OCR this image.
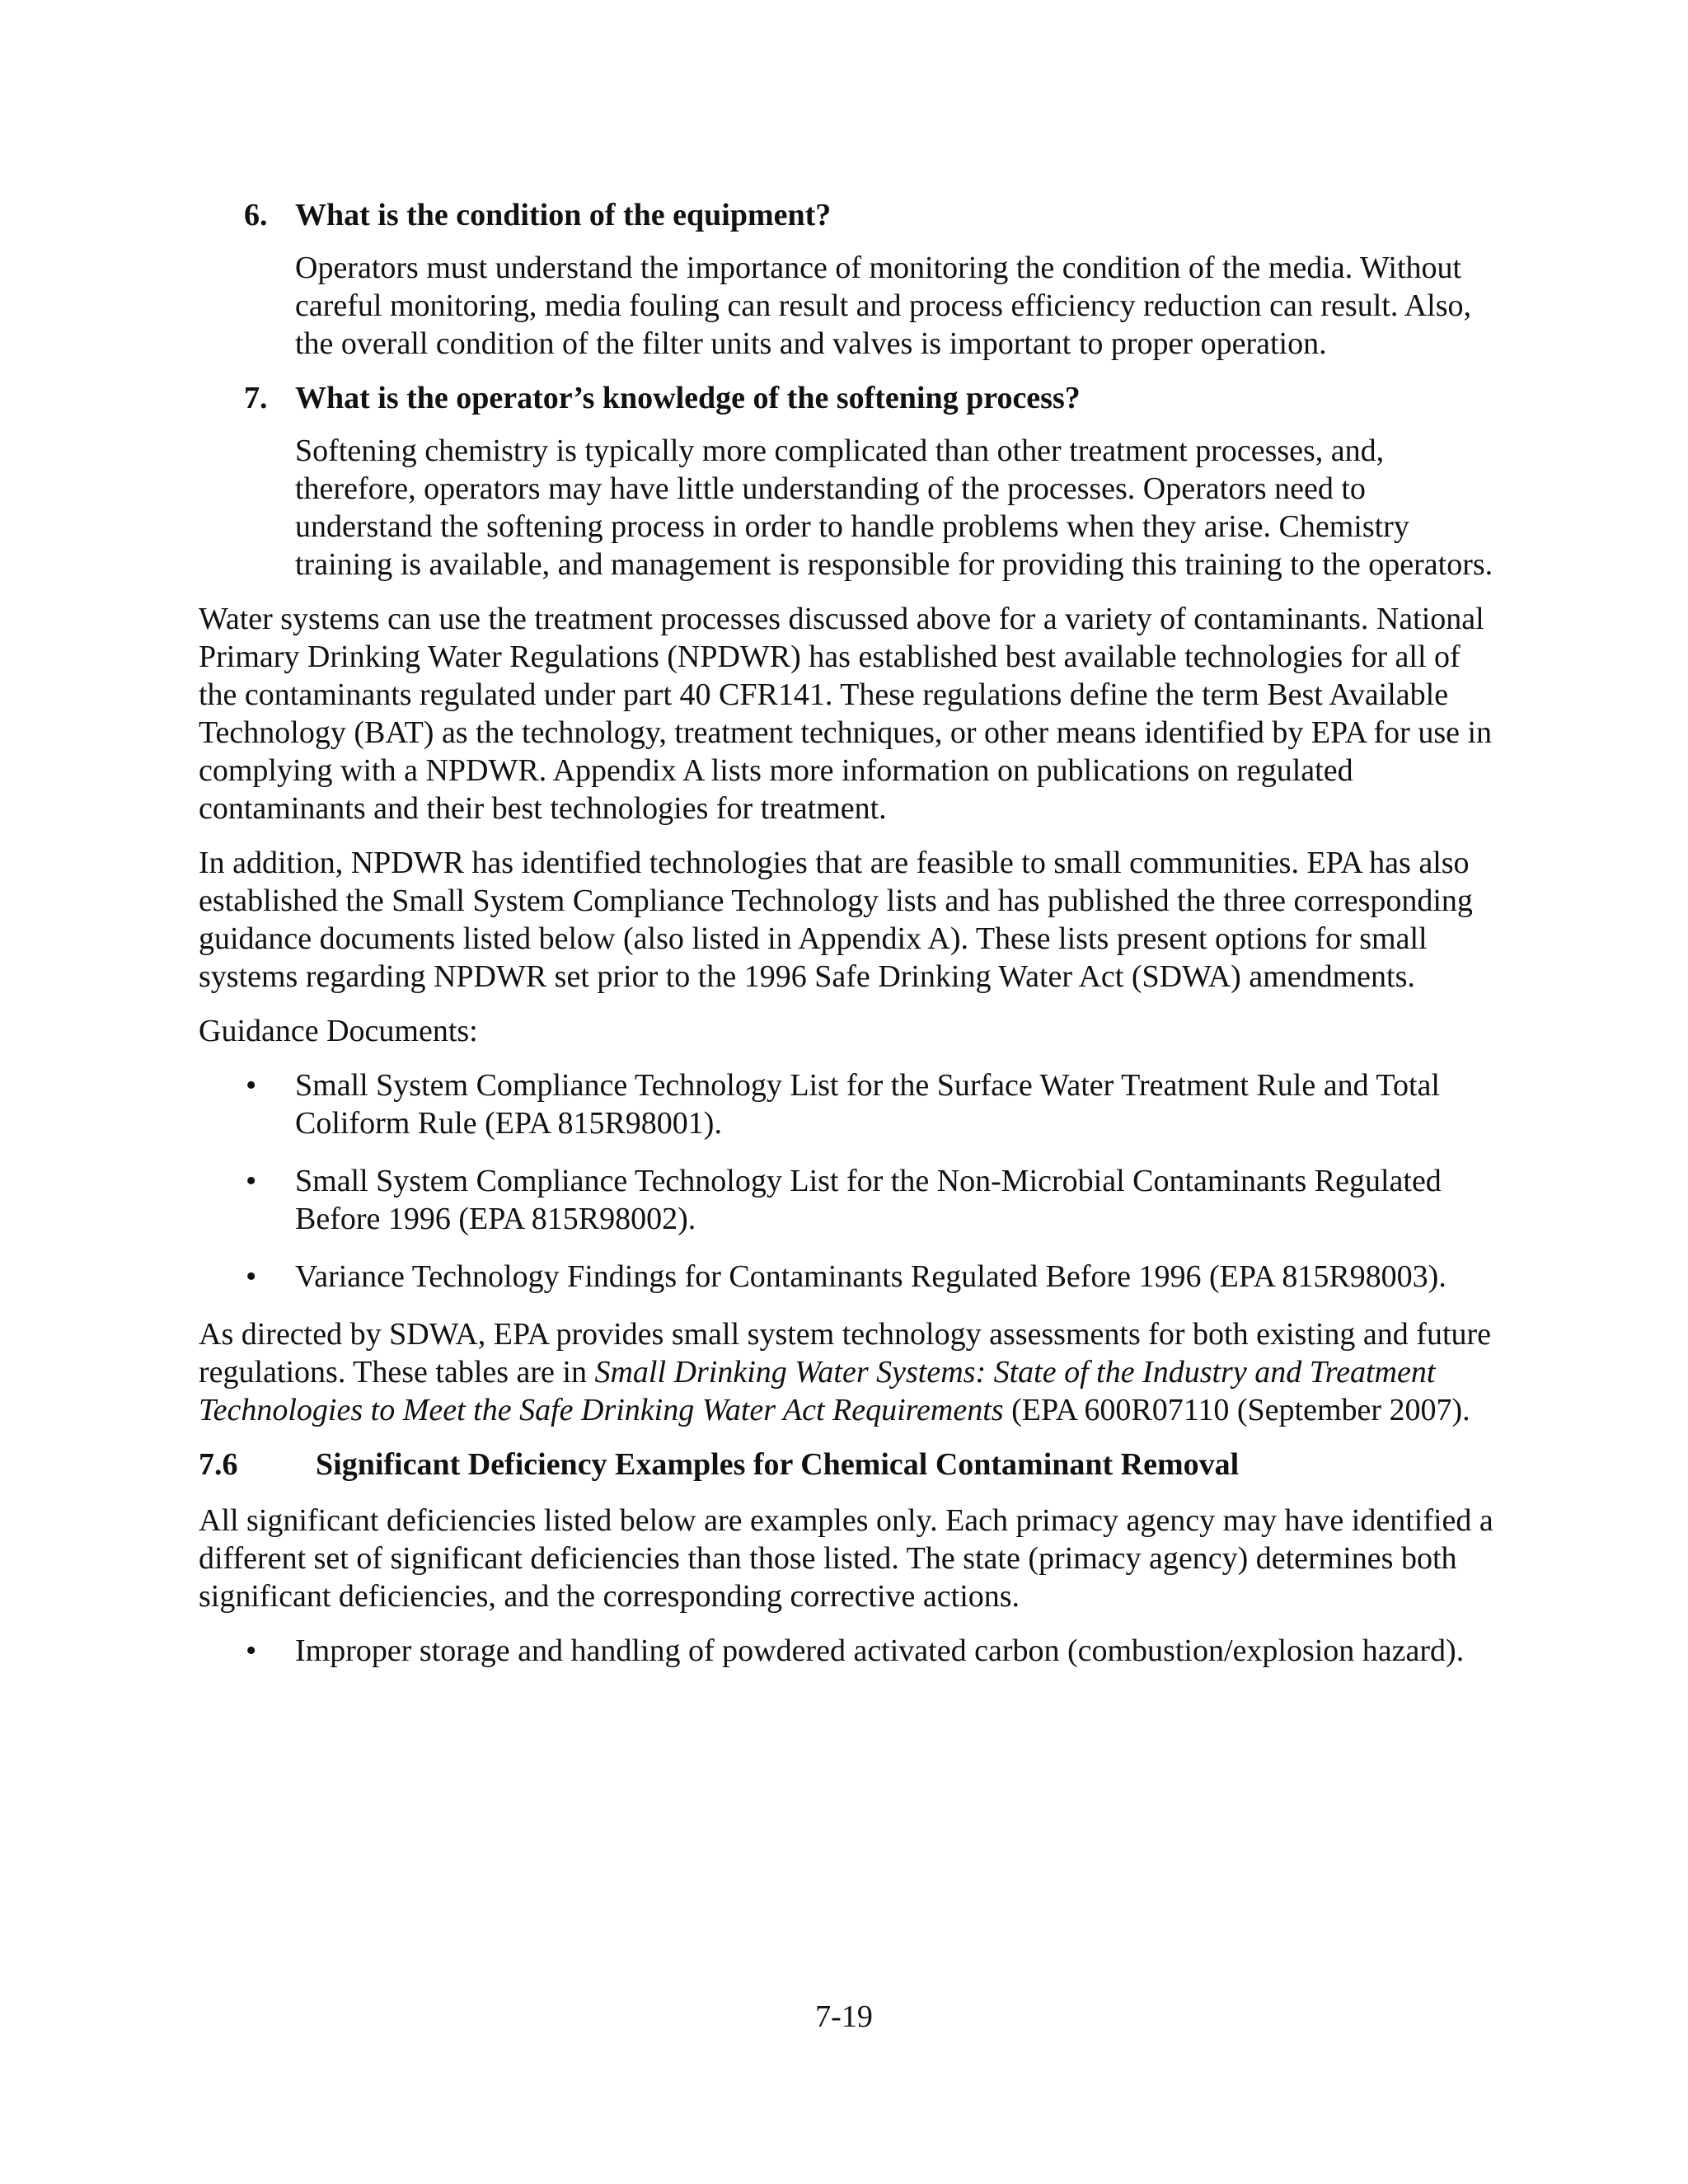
6. What is the condition of the equipment?
Operators must understand the importance of monitoring the condition of the media. Without careful monitoring, media fouling can result and process efficiency reduction can result. Also, the overall condition of the filter units and valves is important to proper operation.
7. What is the operator’s knowledge of the softening process?
Softening chemistry is typically more complicated than other treatment processes, and, therefore, operators may have little understanding of the processes. Operators need to understand the softening process in order to handle problems when they arise. Chemistry training is available, and management is responsible for providing this training to the operators.

Water systems can use the treatment processes discussed above for a variety of contaminants. National Primary Drinking Water Regulations (NPDWR) has established best available technologies for all of the contaminants regulated under part 40 CFR141. These regulations define the term Best Available Technology (BAT) as the technology, treatment techniques, or other means identified by EPA for use in complying with a NPDWR. Appendix A lists more information on publications on regulated contaminants and their best technologies for treatment.

In addition, NPDWR has identified technologies that are feasible to small communities. EPA has also established the Small System Compliance Technology lists and has published the three corresponding guidance documents listed below (also listed in Appendix A). These lists present options for small systems regarding NPDWR set prior to the 1996 Safe Drinking Water Act (SDWA) amendments.

Guidance Documents:

• Small System Compliance Technology List for the Surface Water Treatment Rule and Total Coliform Rule (EPA 815R98001).
• Small System Compliance Technology List for the Non-Microbial Contaminants Regulated Before 1996 (EPA 815R98002).
• Variance Technology Findings for Contaminants Regulated Before 1996 (EPA 815R98003).

As directed by SDWA, EPA provides small system technology assessments for both existing and future regulations. These tables are in Small Drinking Water Systems: State of the Industry and Treatment Technologies to Meet the Safe Drinking Water Act Requirements (EPA 600R07110 (September 2007).

7.6 Significant Deficiency Examples for Chemical Contaminant Removal

All significant deficiencies listed below are examples only. Each primacy agency may have identified a different set of significant deficiencies than those listed. The state (primacy agency) determines both significant deficiencies, and the corresponding corrective actions.

• Improper storage and handling of powdered activated carbon (combustion/explosion hazard).
7-19
